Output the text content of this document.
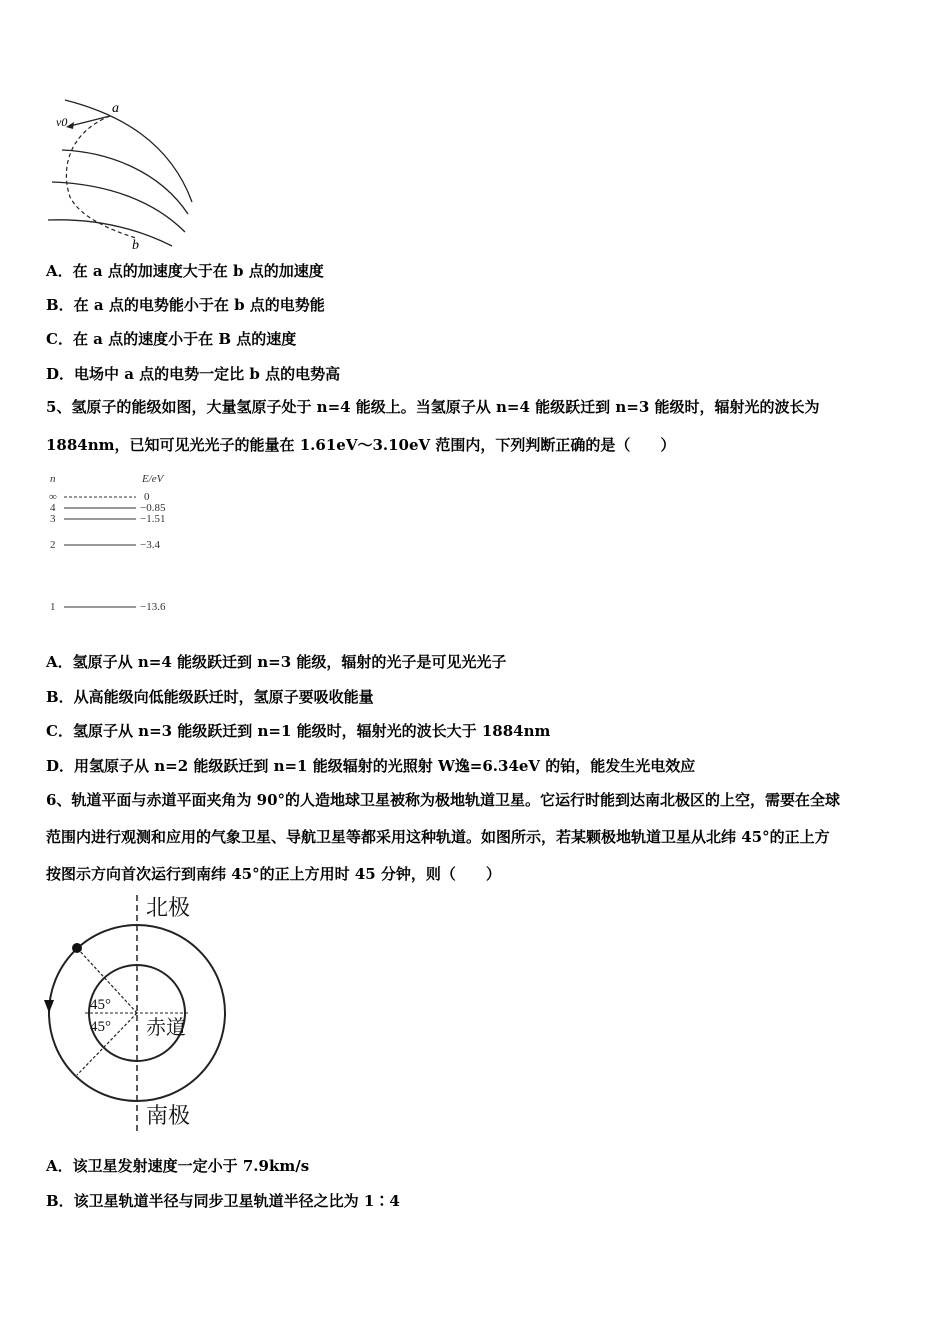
a
v0
b
A．在 a 点的加速度大于在 b 点的加速度
B．在 a 点的电势能小于在 b 点的电势能
C．在 a 点的速度小于在 B 点的速度
D．电场中 a 点的电势一定比 b 点的电势高
5、氢原子的能级如图，大量氢原子处于 n=4 能级上。当氢原子从 n=4 能级跃迁到 n=3 能级时，辐射光的波长为
1884nm，已知可见光光子的能量在 1.61eV～3.10eV 范围内，下列判断正确的是（　　）
n	E/eV
∞
4
3
2
1
0
−0.85
−1.51
−3.4
−13.6
A．氢原子从 n=4 能级跃迁到 n=3 能级，辐射的光子是可见光光子
B．从高能级向低能级跃迁时，氢原子要吸收能量
C．氢原子从 n=3 能级跃迁到 n=1 能级时，辐射光的波长大于 1884nm
D．用氢原子从 n=2 能级跃迁到 n=1 能级辐射的光照射 W逸=6.34eV 的铂，能发生光电效应
6、轨道平面与赤道平面夹角为 90°的人造地球卫星被称为极地轨道卫星。它运行时能到达南北极区的上空，需要在全球
范围内进行观测和应用的气象卫星、导航卫星等都采用这种轨道。如图所示，若某颗极地轨道卫星从北纬 45°的正上方
按图示方向首次运行到南纬 45°的正上方用时 45 分钟，则（　　）
北极
南极
赤道
45°
45°
A．该卫星发射速度一定小于 7.9km/s
B．该卫星轨道半径与同步卫星轨道半径之比为 1∶4
